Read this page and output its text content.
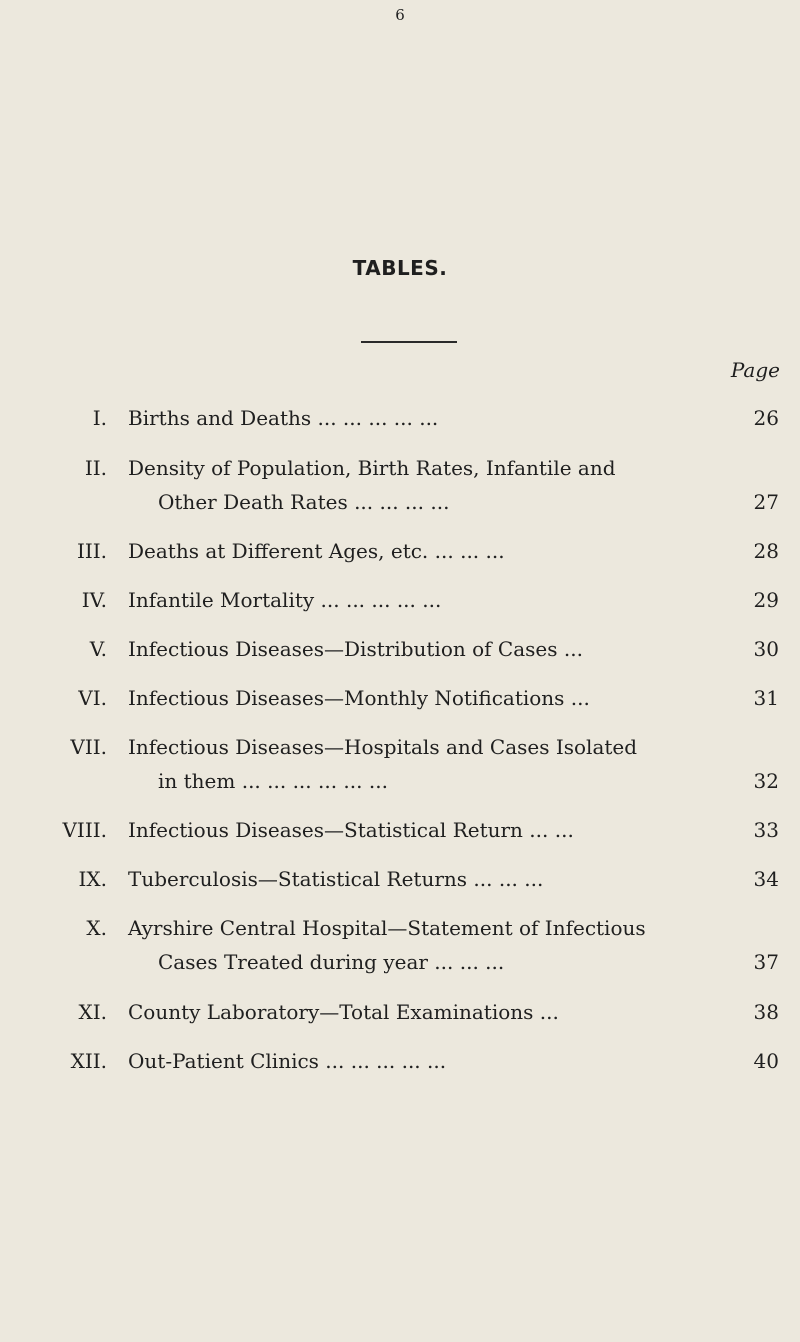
6
TABLES.
Page
I. Births and Deaths ... ... ... ... ...	26
II. Density of Population, Birth Rates, Infantile and
Other Death Rates ... ... ... ...	27
III. Deaths at Different Ages, etc. ... ... ...	28
IV. Infantile Mortality ... ... ... ... ...	29
V. Infectious Diseases—Distribution of Cases ...	30
VI. Infectious Diseases—Monthly Notifications ...	31
VII. Infectious Diseases—Hospitals and Cases Isolated
in them ... ... ... ... ... ...	32
VIII. Infectious Diseases—Statistical Return ... ...	33
IX. Tuberculosis—Statistical Returns ... ... ...	34
X. Ayrshire Central Hospital—Statement of Infectious
Cases Treated during year ... ... ...	37
XI. County Laboratory—Total Examinations ...	38
XII. Out-Patient Clinics ... ... ... ... ...	40
